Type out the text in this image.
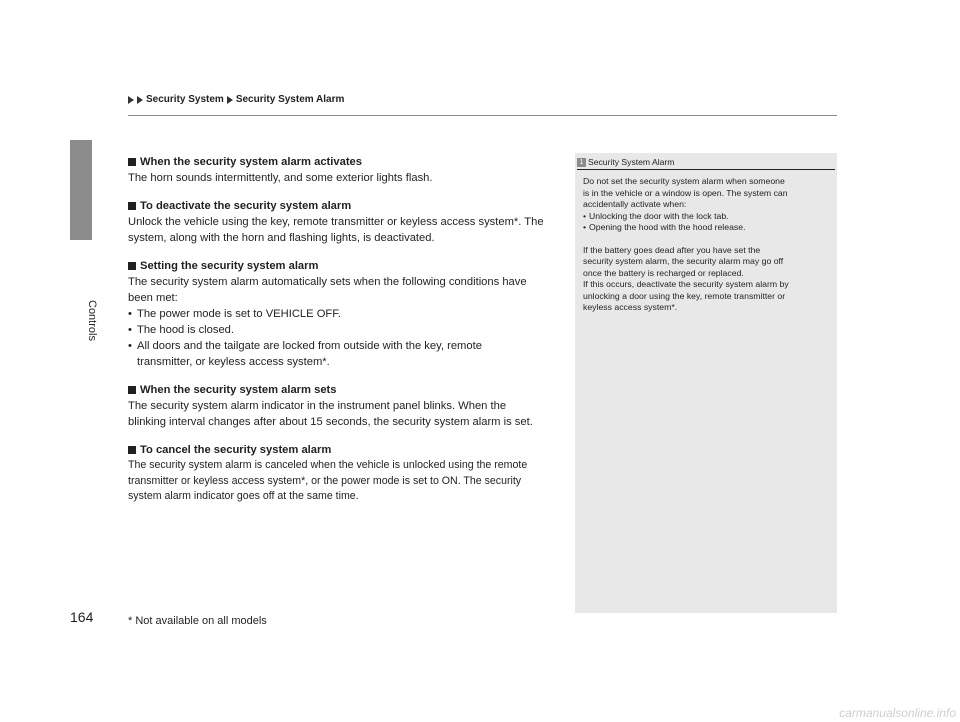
Controls
164
Security System Security System Alarm
When the security system alarm activates

The horn sounds intermittently, and some exterior lights flash.

To deactivate the security system alarm

Unlock the vehicle using the key, remote transmitter or keyless access system*. The

system, along with the horn and flashing lights, is deactivated.

Setting the security system alarm

The security system alarm automatically sets when the following conditions have

been met:

• The power mode is set to VEHICLE OFF.
• The hood is closed.
• All doors and the tailgate are locked from outside with the key, remote

transmitter, or keyless access system*.

When the security system alarm sets

The security system alarm indicator in the instrument panel blinks. When the

blinking interval changes after about 15 seconds, the security system alarm is set.

To cancel the security system alarm

The security system alarm is canceled when the vehicle is unlocked using the remote

transmitter or keyless access system*, or the power mode is set to ON. The security

system alarm indicator goes off at the same time.

1 Security System Alarm

Do not set the security system alarm when someone

is in the vehicle or a window is open. The system can

accidentally activate when:

• Unlocking the door with the lock tab.
• Opening the hood with the hood release.

If the battery goes dead after you have set the

security system alarm, the security alarm may go off

once the battery is recharged or replaced.

If this occurs, deactivate the security system alarm by

unlocking a door using the key, remote transmitter or

keyless access system*.

* Not available on all models
carmanualsonline.info
